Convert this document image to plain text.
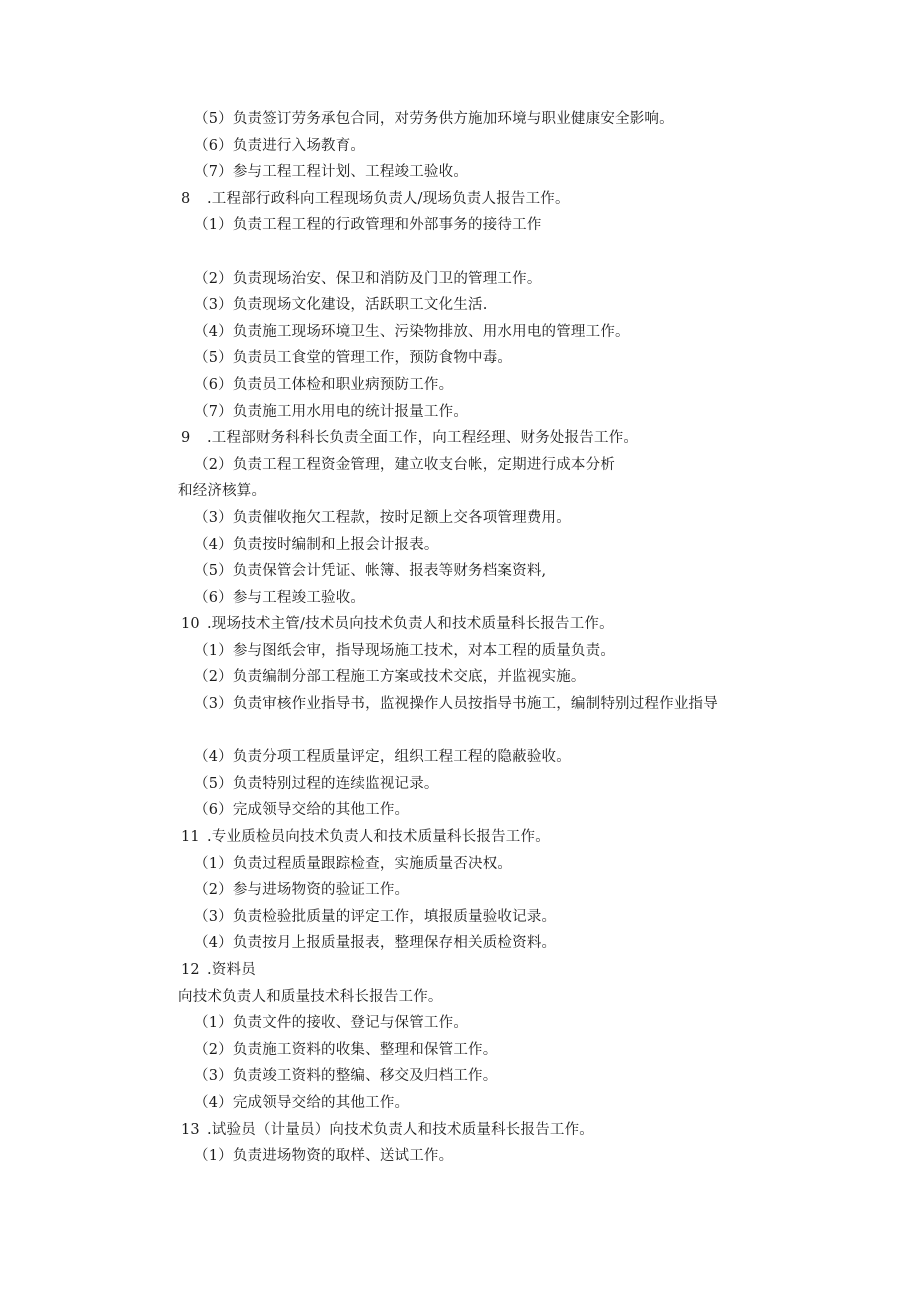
（5）负责签订劳务承包合同，对劳务供方施加环境与职业健康安全影响。
（6）负责进行入场教育。
（7）参与工程工程计划、工程竣工验收。
8 .工程部行政科向工程现场负责人/现场负责人报告工作。
（1）负责工程工程的行政管理和外部事务的接待工作
（2）负责现场治安、保卫和消防及门卫的管理工作。
（3）负责现场文化建设，活跃职工文化生活.
（4）负责施工现场环境卫生、污染物排放、用水用电的管理工作。
（5）负责员工食堂的管理工作，预防食物中毒。
（6）负责员工体检和职业病预防工作。
（7）负责施工用水用电的统计报量工作。
9 .工程部财务科科长负责全面工作，向工程经理、财务处报告工作。
（2）负责工程工程资金管理，建立收支台帐，定期进行成本分析
和经济核算。
（3）负责催收拖欠工程款，按时足额上交各项管理费用。
（4）负责按时编制和上报会计报表。
（5）负责保管会计凭证、帐簿、报表等财务档案资料,
（6）参与工程竣工验收。
10 .现场技术主管/技术员向技术负责人和技术质量科长报告工作。
（1）参与图纸会审，指导现场施工技术，对本工程的质量负责。
（2）负责编制分部工程施工方案或技术交底，并监视实施。
（3）负责审核作业指导书，监视操作人员按指导书施工，编制特别过程作业指导
（4）负责分项工程质量评定，组织工程工程的隐蔽验收。
（5）负责特别过程的连续监视记录。
（6）完成领导交给的其他工作。
11 .专业质检员向技术负责人和技术质量科长报告工作。
（1）负责过程质量跟踪检查，实施质量否决权。
（2）参与进场物资的验证工作。
（3）负责检验批质量的评定工作，填报质量验收记录。
（4）负责按月上报质量报表，整理保存相关质检资料。
12 .资料员
向技术负责人和质量技术科长报告工作。
（1）负责文件的接收、登记与保管工作。
（2）负责施工资料的收集、整理和保管工作。
（3）负责竣工资料的整编、移交及归档工作。
（4）完成领导交给的其他工作。
13 .试验员（计量员）向技术负责人和技术质量科长报告工作。
（1）负责进场物资的取样、送试工作。
